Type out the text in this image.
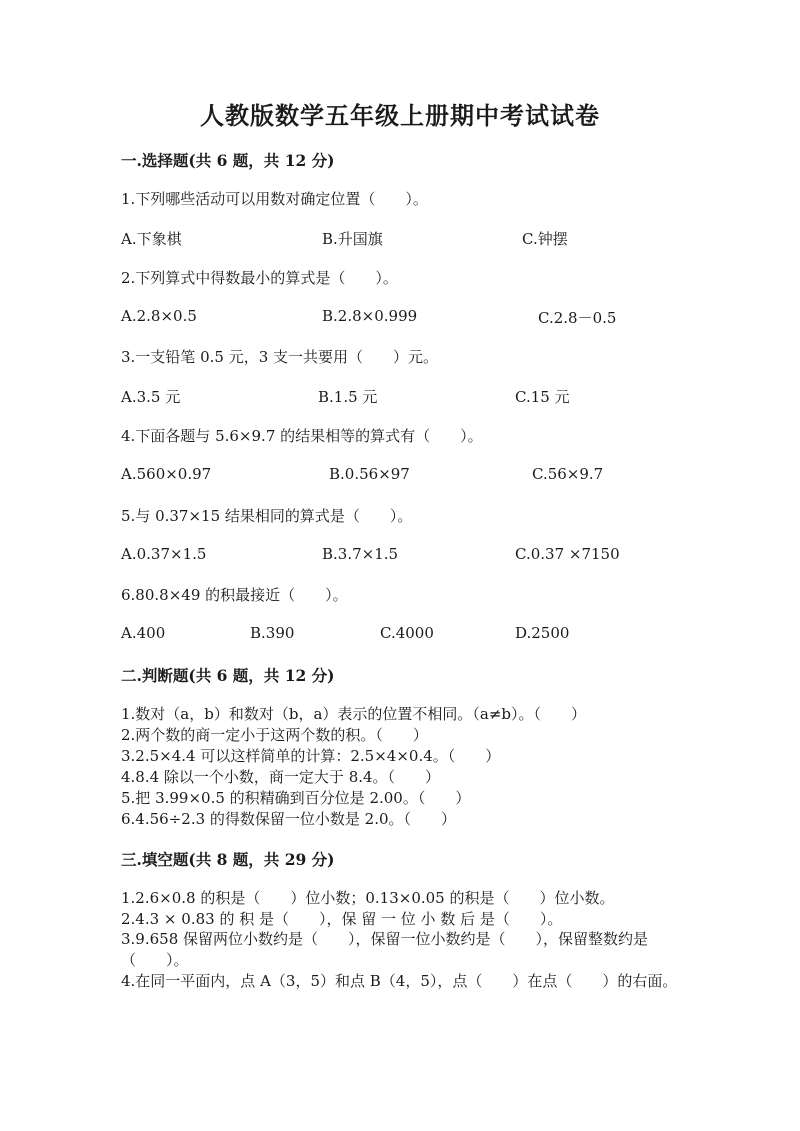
人教版数学五年级上册期中考试试卷
一.选择题(共 6 题，共 12 分)
1.下列哪些活动可以用数对确定位置（　　）。
A.下象棋	B.升国旗	C.钟摆
2.下列算式中得数最小的算式是（　　）。
A.2.8×0.5	B.2.8×0.999	C.2.8－0.5
3.一支铅笔 0.5 元，3 支一共要用（　　）元。
A.3.5 元	B.1.5 元	C.15 元
4.下面各题与 5.6×9.7 的结果相等的算式有（　　）。
A.560×0.97	B.0.56×97	C.56×9.7
5.与 0.37×15 结果相同的算式是（　　）。
A.0.37×1.5	B.3.7×1.5	C.0.37 ×7150
6.80.8×49 的积最接近（　　）。
A.400	B.390	C.4000	D.2500
二.判断题(共 6 题，共 12 分)
1.数对（a，b）和数对（b，a）表示的位置不相同。（a≠b）。（　　）
2.两个数的商一定小于这两个数的积。（　　）
3.2.5×4.4 可以这样简单的计算：2.5×4×0.4。（　　）
4.8.4 除以一个小数，商一定大于 8.4。（　　）
5.把 3.99×0.5 的积精确到百分位是 2.00。（　　）
6.4.56÷2.3 的得数保留一位小数是 2.0。（　　）
三.填空题(共 8 题，共 29 分)
1.2.6×0.8 的积是（　　）位小数；0.13×0.05 的积是（　　）位小数。
2.4.3 × 0.83 的 积 是（　　），保 留 一 位 小 数 后 是（　　）。
3.9.658 保留两位小数约是（　　），保留一位小数约是（　　），保留整数约是（　　）。
4.在同一平面内，点 A（3，5）和点 B（4，5），点（　　）在点（　　）的右面。
